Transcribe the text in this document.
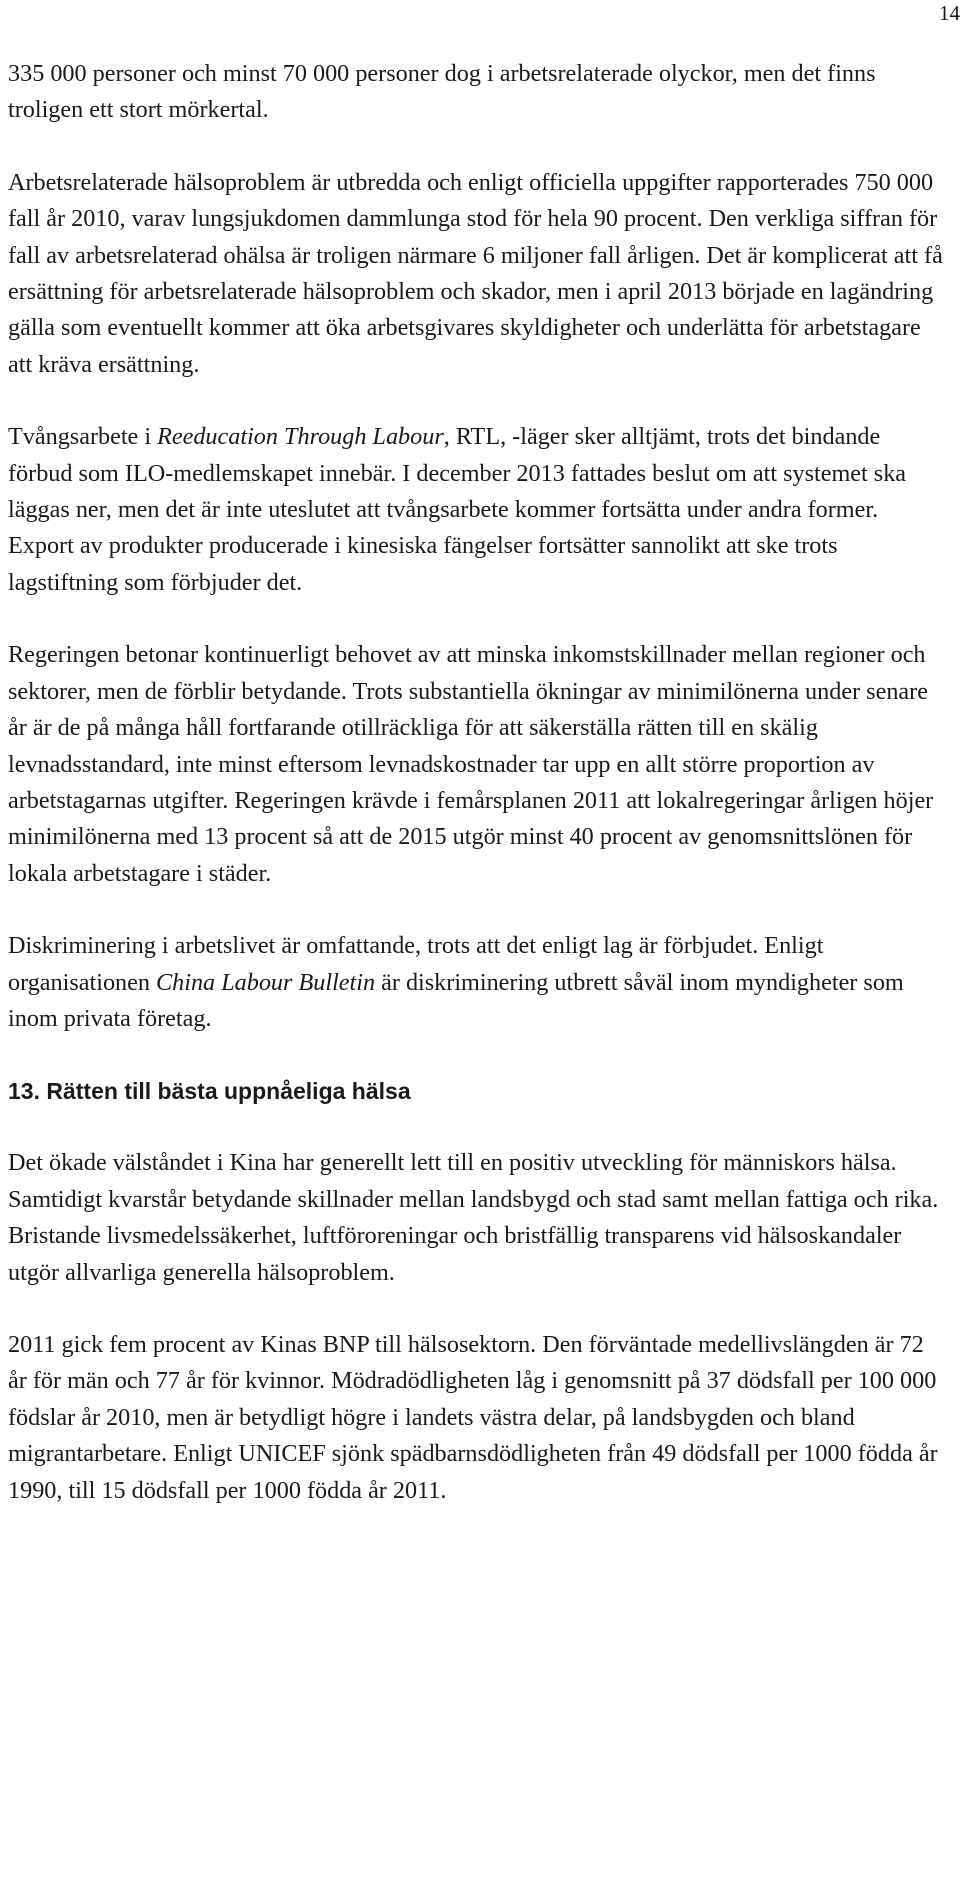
14

335 000 personer och minst 70 000 personer dog i arbetsrelaterade olyckor, men det finns troligen ett stort mörkertal.

Arbetsrelaterade hälsoproblem är utbredda och enligt officiella uppgifter rapporterades 750 000 fall år 2010, varav lungsjukdomen dammlunga stod för hela 90 procent. Den verkliga siffran för fall av arbetsrelaterad ohälsa är troligen närmare 6 miljoner fall årligen. Det är komplicerat att få ersättning för arbetsrelaterade hälsoproblem och skador, men i april 2013 började en lagändring gälla som eventuellt kommer att öka arbetsgivares skyldigheter och underlätta för arbetstagare att kräva ersättning.

Tvångsarbete i Reeducation Through Labour, RTL, -läger sker alltjämt, trots det bindande förbud som ILO-medlemskapet innebär. I december 2013 fattades beslut om att systemet ska läggas ner, men det är inte uteslutet att tvångsarbete kommer fortsätta under andra former. Export av produkter producerade i kinesiska fängelser fortsätter sannolikt att ske trots lagstiftning som förbjuder det.

Regeringen betonar kontinuerligt behovet av att minska inkomstskillnader mellan regioner och sektorer, men de förblir betydande. Trots substantiella ökningar av minimilönerna under senare år är de på många håll fortfarande otillräckliga för att säkerställa rätten till en skälig levnadsstandard, inte minst eftersom levnadskostnader tar upp en allt större proportion av arbetstagarnas utgifter. Regeringen krävde i femårsplanen 2011 att lokalregeringar årligen höjer minimilönerna med 13 procent så att de 2015 utgör minst 40 procent av genomsnittslönen för lokala arbetstagare i städer.

Diskriminering i arbetslivet är omfattande, trots att det enligt lag är förbjudet. Enligt organisationen China Labour Bulletin är diskriminering utbrett såväl inom myndigheter som inom privata företag.

13. Rätten till bästa uppnåeliga hälsa

Det ökade välståndet i Kina har generellt lett till en positiv utveckling för människors hälsa. Samtidigt kvarstår betydande skillnader mellan landsbygd och stad samt mellan fattiga och rika. Bristande livsmedelssäkerhet, luftföroreningar och bristfällig transparens vid hälsoskandaler utgör allvarliga generella hälsoproblem.

2011 gick fem procent av Kinas BNP till hälsosektorn. Den förväntade medellivslängden är 72 år för män och 77 år för kvinnor. Mödradödligheten låg i genomsnitt på 37 dödsfall per 100 000 födslar år 2010, men är betydligt högre i landets västra delar, på landsbygden och bland migrantarbetare. Enligt UNICEF sjönk spädbarnsdödligheten från 49 dödsfall per 1000 födda år 1990, till 15 dödsfall per 1000 födda år 2011.
